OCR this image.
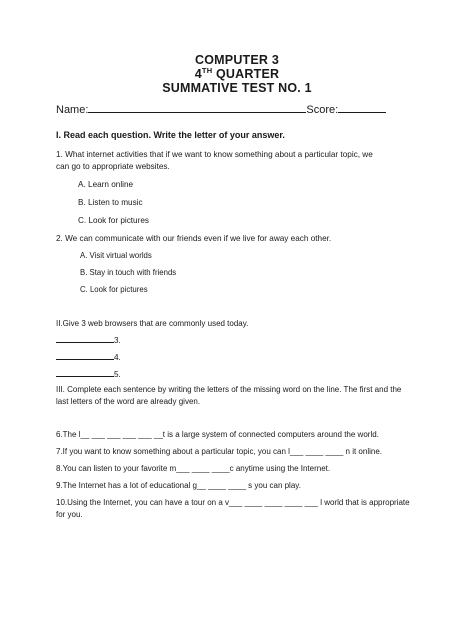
COMPUTER 3
4TH QUARTER
SUMMATIVE TEST NO. 1
Name:	Score:
I. Read each question. Write the letter of your answer.
1. What internet activities that if we want to know something about a particular topic, we
can go to appropriate websites.
A. Learn online
B. Listen to music
C. Look for pictures
2. We can communicate with our friends even if we live for away each other.
A. Visit virtual worlds
B. Stay in touch with friends
C. Look for pictures
II.Give 3 web browsers that are commonly used today.
3.
4.
5.
III. Complete each sentence by writing the letters of the missing word on the line. The first and the
last letters of the word are already given.
6.The l__ ___ ___ ___ ___ __t is a large system of connected computers around the world.
7.If you want to know something about a particular topic, you can l___ ____ ____ n it online.
8.You can listen to your favorite m___ ____ ____c anytime using the Internet.
9.The Internet has a lot of educational g__ ____ ____ s you can play.
10.Using the Internet, you can have a tour on a v___ ____ ____ ____ ___ l world that is appropriate
for you.
